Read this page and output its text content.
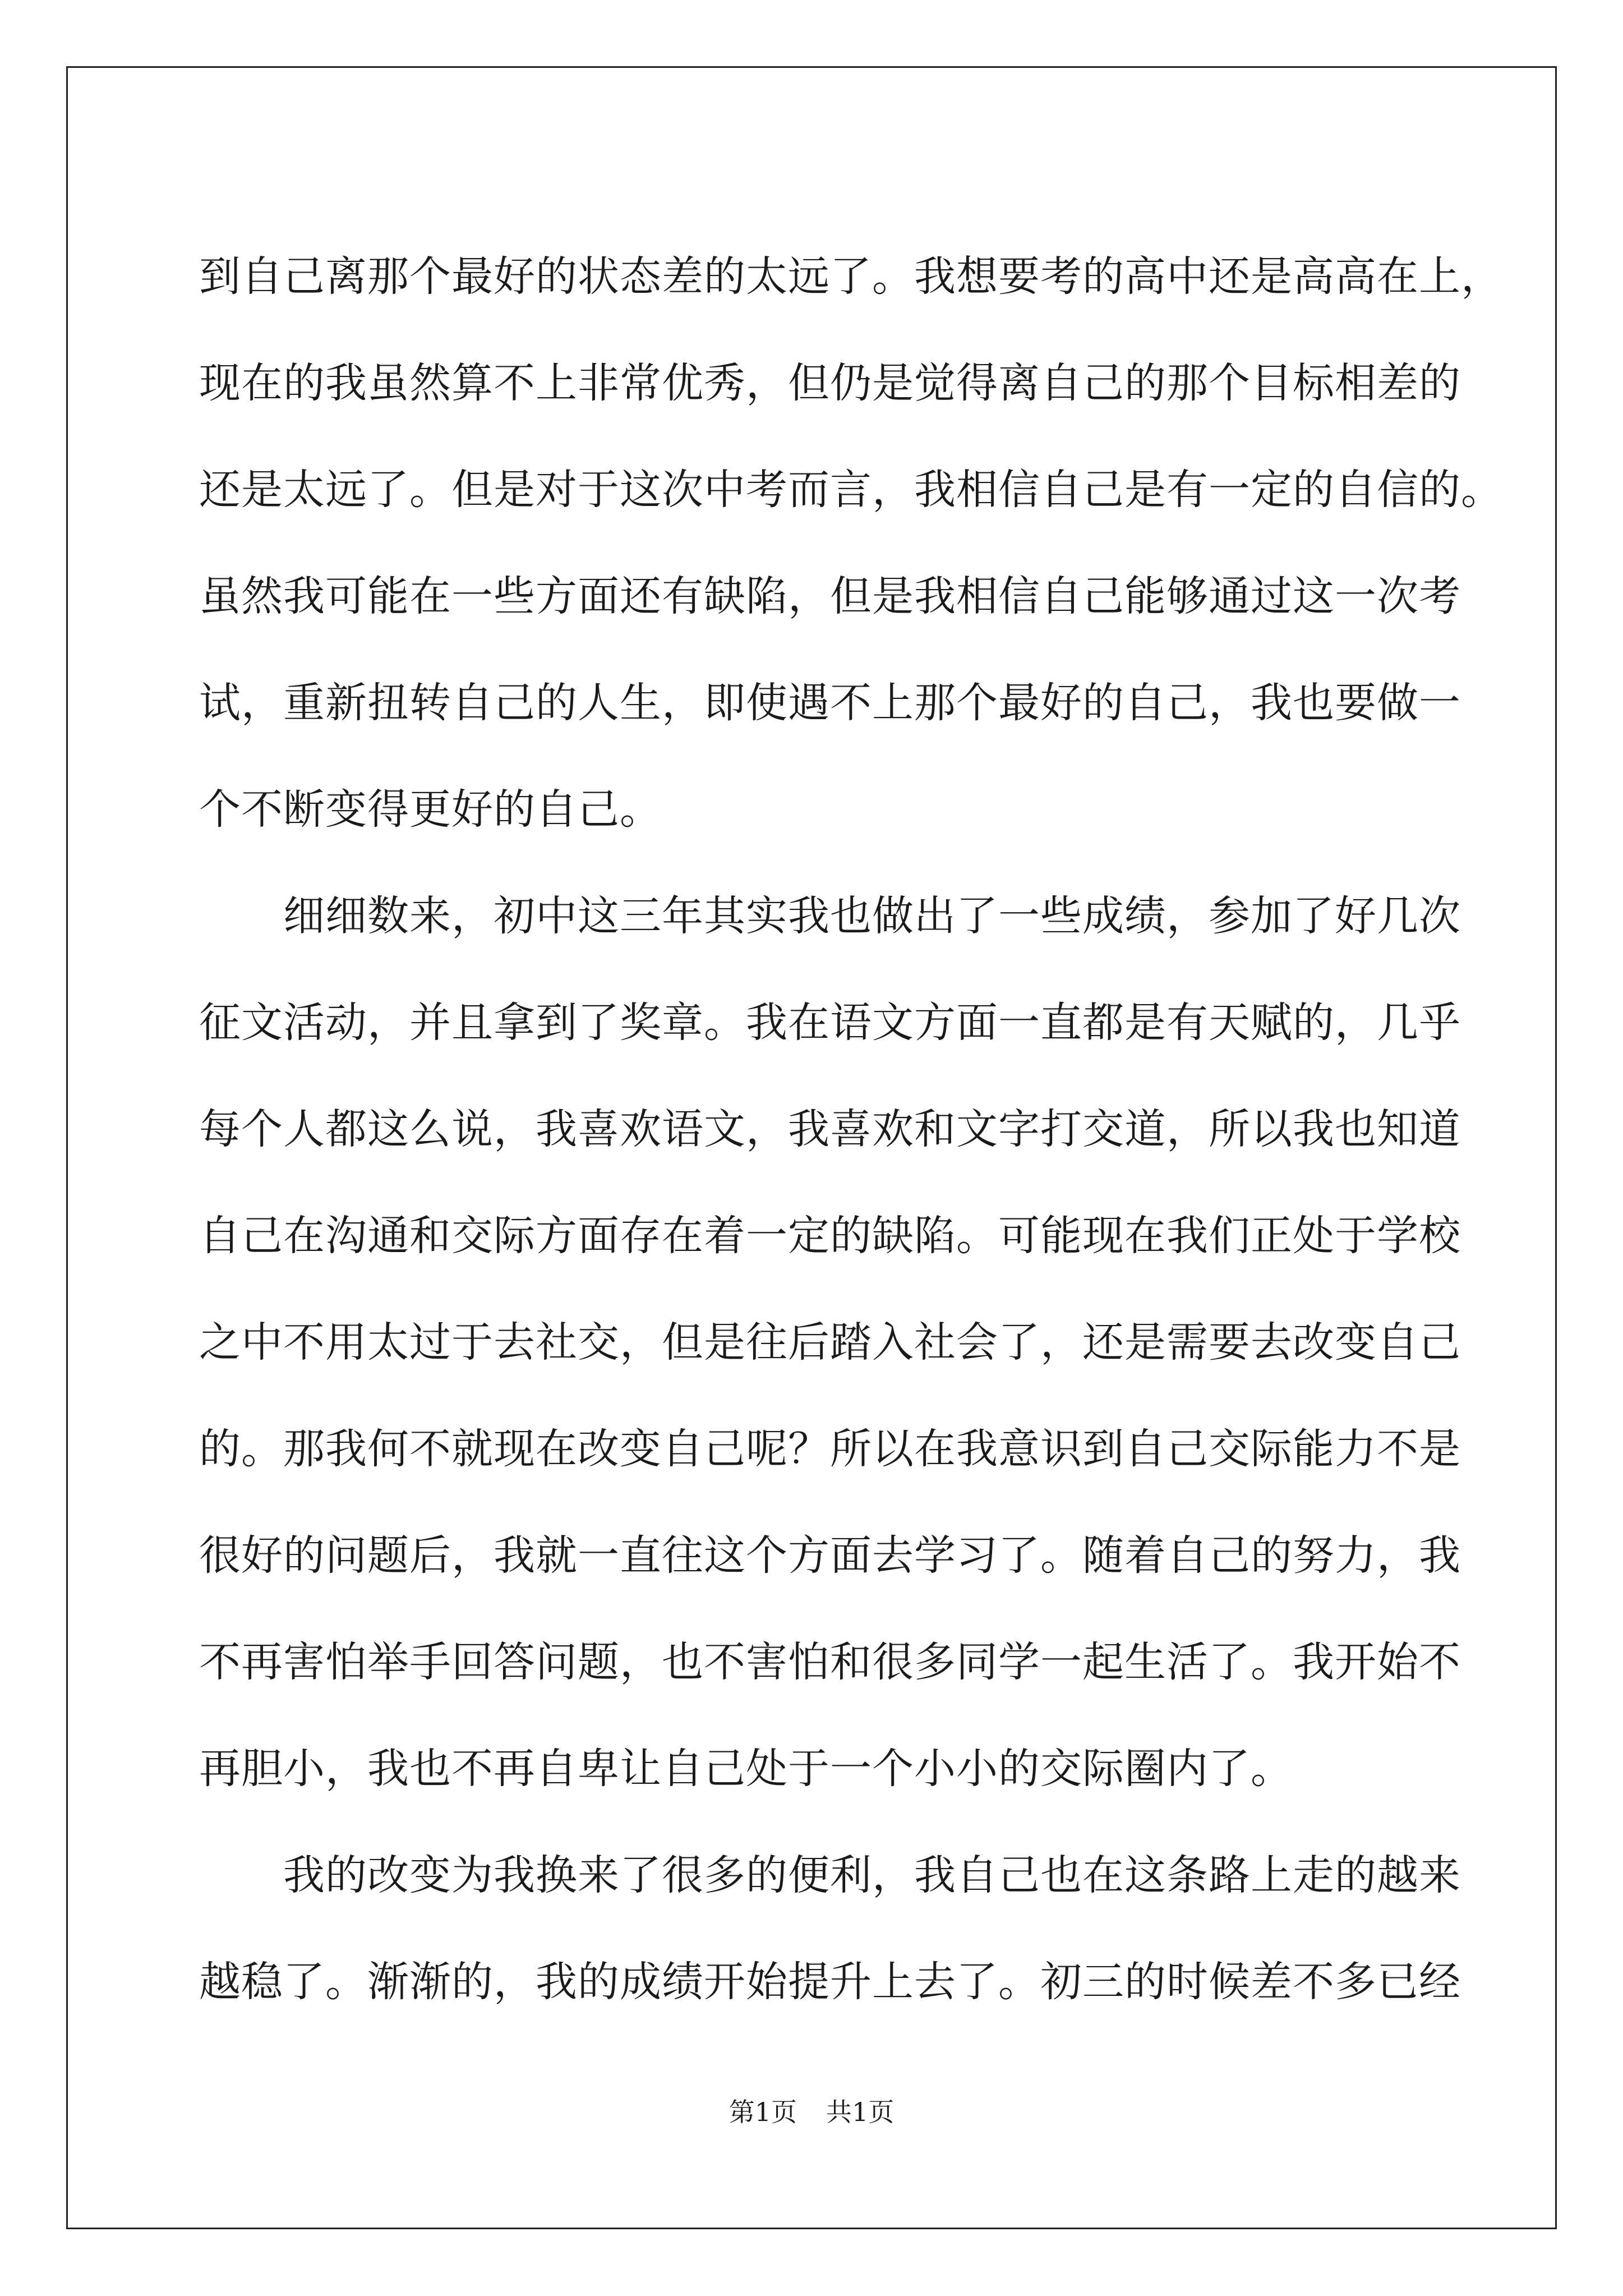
到自己离那个最好的状态差的太远了。我想要考的高中还是高高在上，
现在的我虽然算不上非常优秀，但仍是觉得离自己的那个目标相差的
还是太远了。但是对于这次中考而言，我相信自己是有一定的自信的。
虽然我可能在一些方面还有缺陷，但是我相信自己能够通过这一次考
试，重新扭转自己的人生，即使遇不上那个最好的自己，我也要做一
个不断变得更好的自己。
　　细细数来，初中这三年其实我也做出了一些成绩，参加了好几次
征文活动，并且拿到了奖章。我在语文方面一直都是有天赋的，几乎
每个人都这么说，我喜欢语文，我喜欢和文字打交道，所以我也知道
自己在沟通和交际方面存在着一定的缺陷。可能现在我们正处于学校
之中不用太过于去社交，但是往后踏入社会了，还是需要去改变自己
的。那我何不就现在改变自己呢？所以在我意识到自己交际能力不是
很好的问题后，我就一直往这个方面去学习了。随着自己的努力，我
不再害怕举手回答问题，也不害怕和很多同学一起生活了。我开始不
再胆小，我也不再自卑让自己处于一个小小的交际圈内了。
　　我的改变为我换来了很多的便利，我自己也在这条路上走的越来
越稳了。渐渐的，我的成绩开始提升上去了。初三的时候差不多已经
第1页 共1页
